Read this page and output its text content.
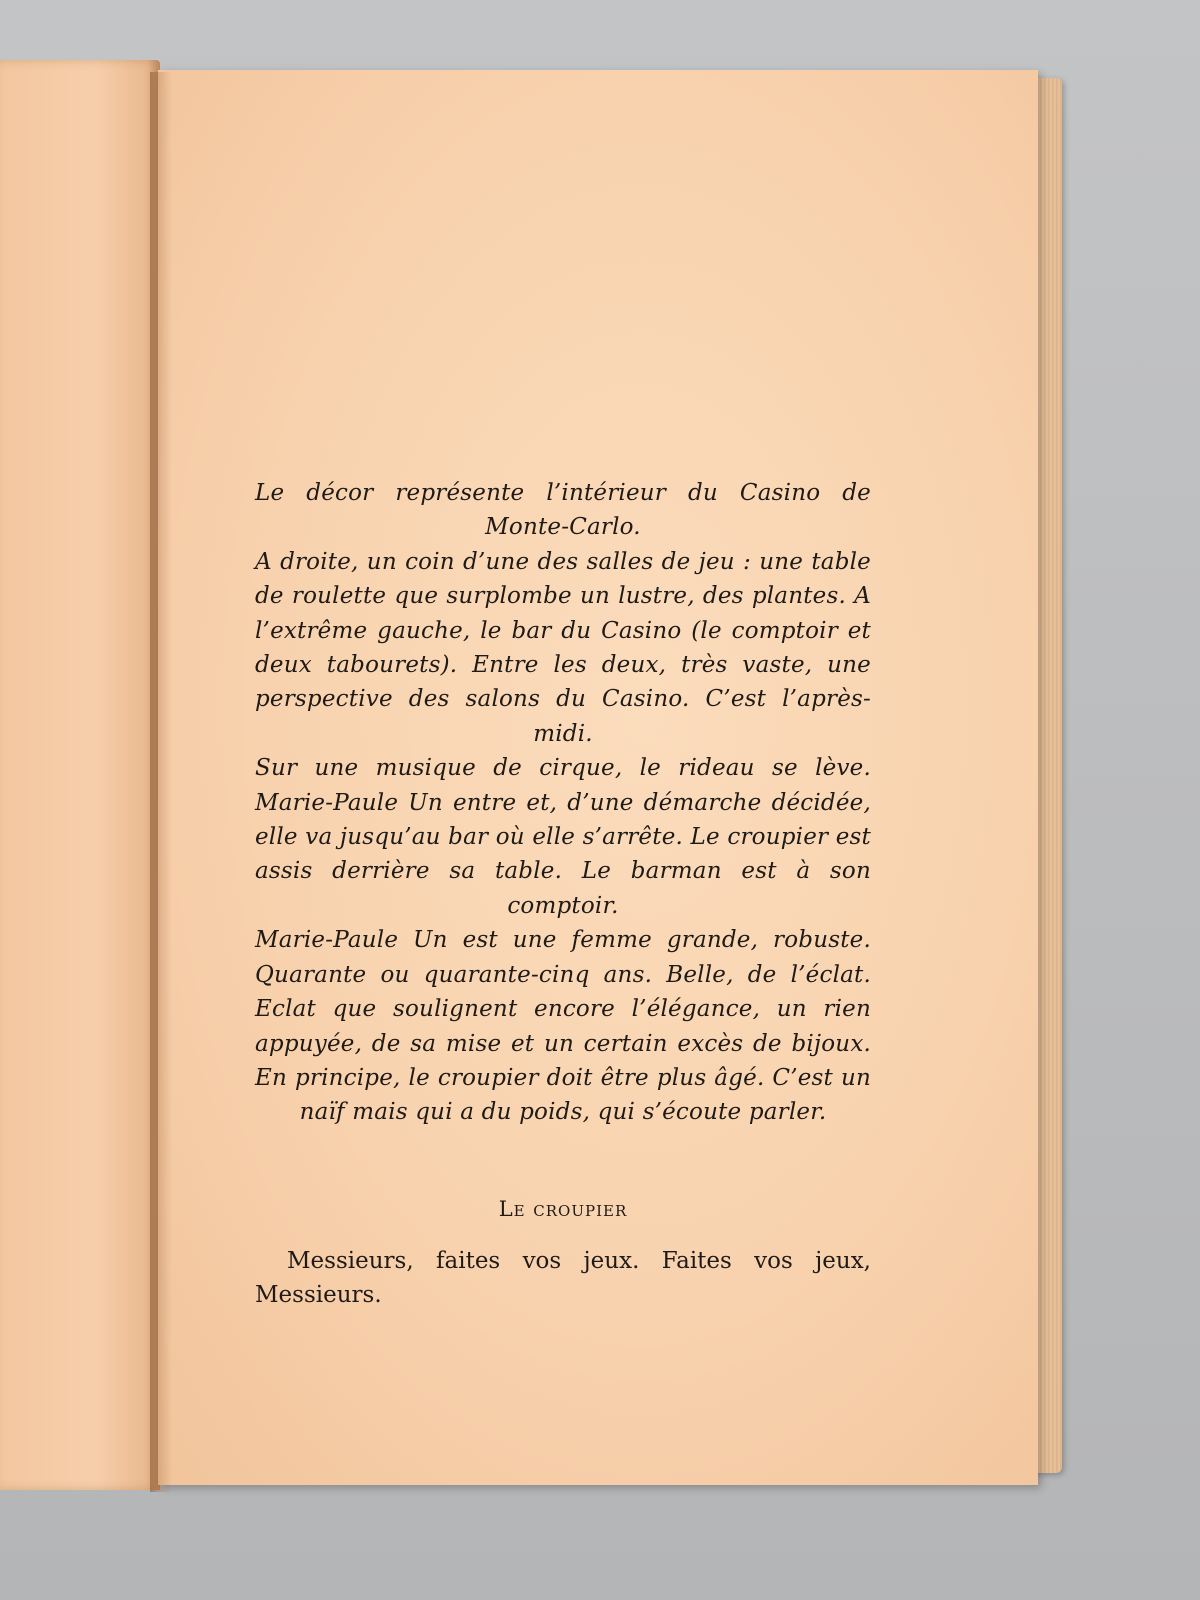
Le décor représente l’intérieur du Casino de Monte-Carlo.

A droite, un coin d’une des salles de jeu : une table de roulette que surplombe un lustre, des plantes. A l’extrême gauche, le bar du Casino (le comptoir et deux tabourets). Entre les deux, très vaste, une perspective des salons du Casino. C’est l’après-midi.

Sur une musique de cirque, le rideau se lève. Marie-Paule Un entre et, d’une démarche décidée, elle va jusqu’au bar où elle s’arrête. Le croupier est assis derrière sa table. Le barman est à son comptoir.

Marie-Paule Un est une femme grande, robuste. Quarante ou quarante-cinq ans. Belle, de l’éclat. Eclat que soulignent encore l’élégance, un rien appuyée, de sa mise et un certain excès de bijoux. En principe, le croupier doit être plus âgé. C’est un naïf mais qui a du poids, qui s’écoute parler.

Le croupier

Messieurs, faites vos jeux. Faites vos jeux, Messieurs.
